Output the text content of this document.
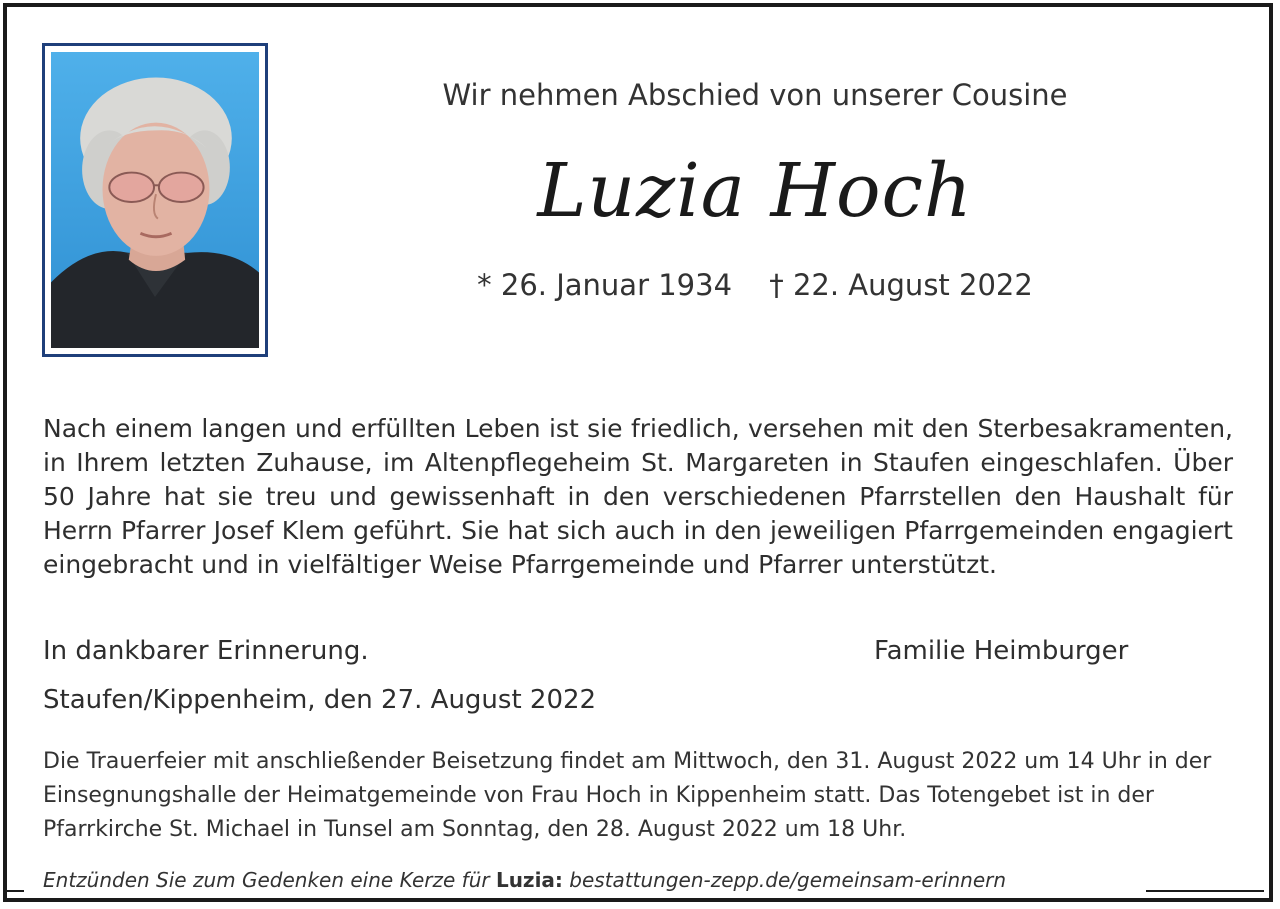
Wir nehmen Abschied von unserer Cousine
Luzia Hoch
* 26. Januar 1934 † 22. August 2022
Nach einem langen und erfüllten Leben ist sie friedlich, versehen mit den Sterbesakramenten, in Ihrem letzten Zuhause, im Altenpflegeheim St. Margareten in Staufen eingeschlafen. Über 50 Jahre hat sie treu und gewissenhaft in den verschiedenen Pfarrstellen den Haushalt für Herrn Pfarrer Josef Klem geführt. Sie hat sich auch in den jeweiligen Pfarrgemeinden engagiert eingebracht und in vielfältiger Weise Pfarrgemeinde und Pfarrer unterstützt.
In dankbarer Erinnerung.	Familie Heimburger
Staufen/Kippenheim, den 27. August 2022
Die Trauerfeier mit anschließender Beisetzung findet am Mittwoch, den 31. August 2022 um 14 Uhr in der Einsegnungshalle der Heimatgemeinde von Frau Hoch in Kippenheim statt. Das Totengebet ist in der Pfarrkirche St. Michael in Tunsel am Sonntag, den 28. August 2022 um 18 Uhr.
Entzünden Sie zum Gedenken eine Kerze für Luzia: bestattungen-zepp.de/gemeinsam-erinnern
